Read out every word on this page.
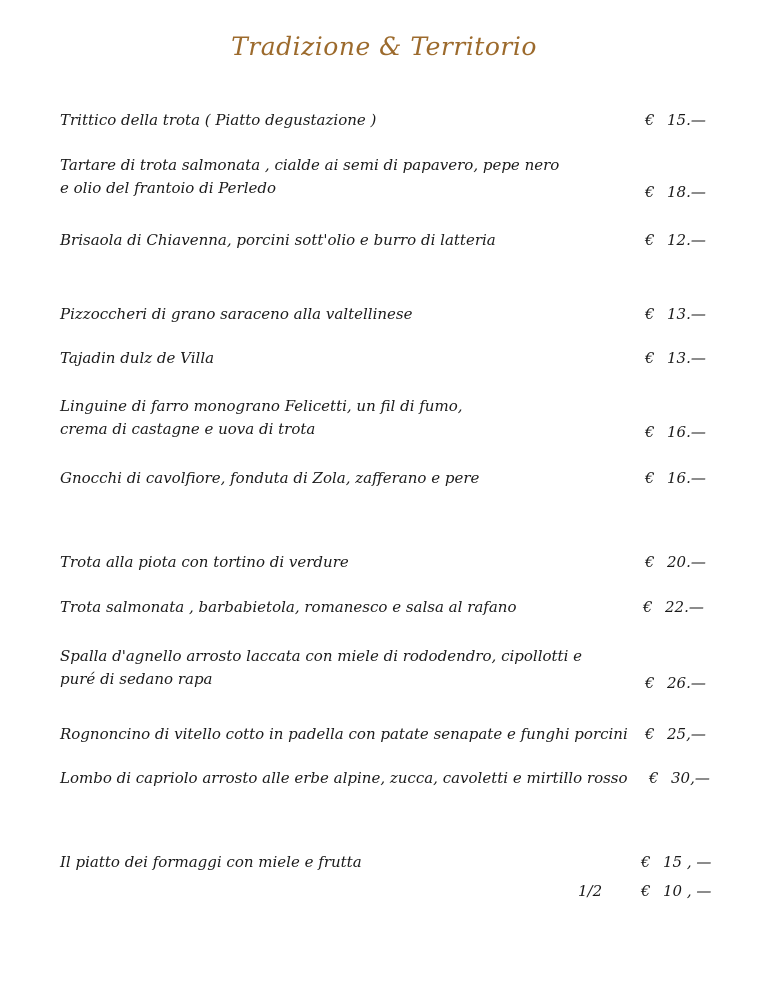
Tradizione & Territorio
Trittico della trota ( Piatto degustazione )	€ 15.—
Tartare di trota salmonata , cialde ai semi di papavero, pepe nero
e olio del frantoio di Perledo	€ 18.—
Brisaola di Chiavenna, porcini sott'olio e burro di latteria	€ 12.—
Pizzoccheri di grano saraceno alla valtellinese	€ 13.—
Tajadin dulz de Villa	€ 13.—
Linguine di farro monograno Felicetti, un fil di fumo,
crema di castagne e uova di trota	€ 16.—
Gnocchi di cavolfiore, fonduta di Zola, zafferano e pere	€ 16.—
Trota alla piota con tortino di verdure	€ 20.—
Trota salmonata , barbabietola, romanesco e salsa al rafano	€ 22.—
Spalla d'agnello arrosto laccata con miele di rododendro, cipollotti e
puré di sedano rapa	€ 26.—
Rognoncino di vitello cotto in padella con patate senapate e funghi porcini € 25,—
Lombo di capriolo arrosto alle erbe alpine, zucca, cavoletti e mirtillo rosso € 30,—
Il piatto dei formaggi con miele e frutta	€ 15 , —
1/2	€ 10 , —
